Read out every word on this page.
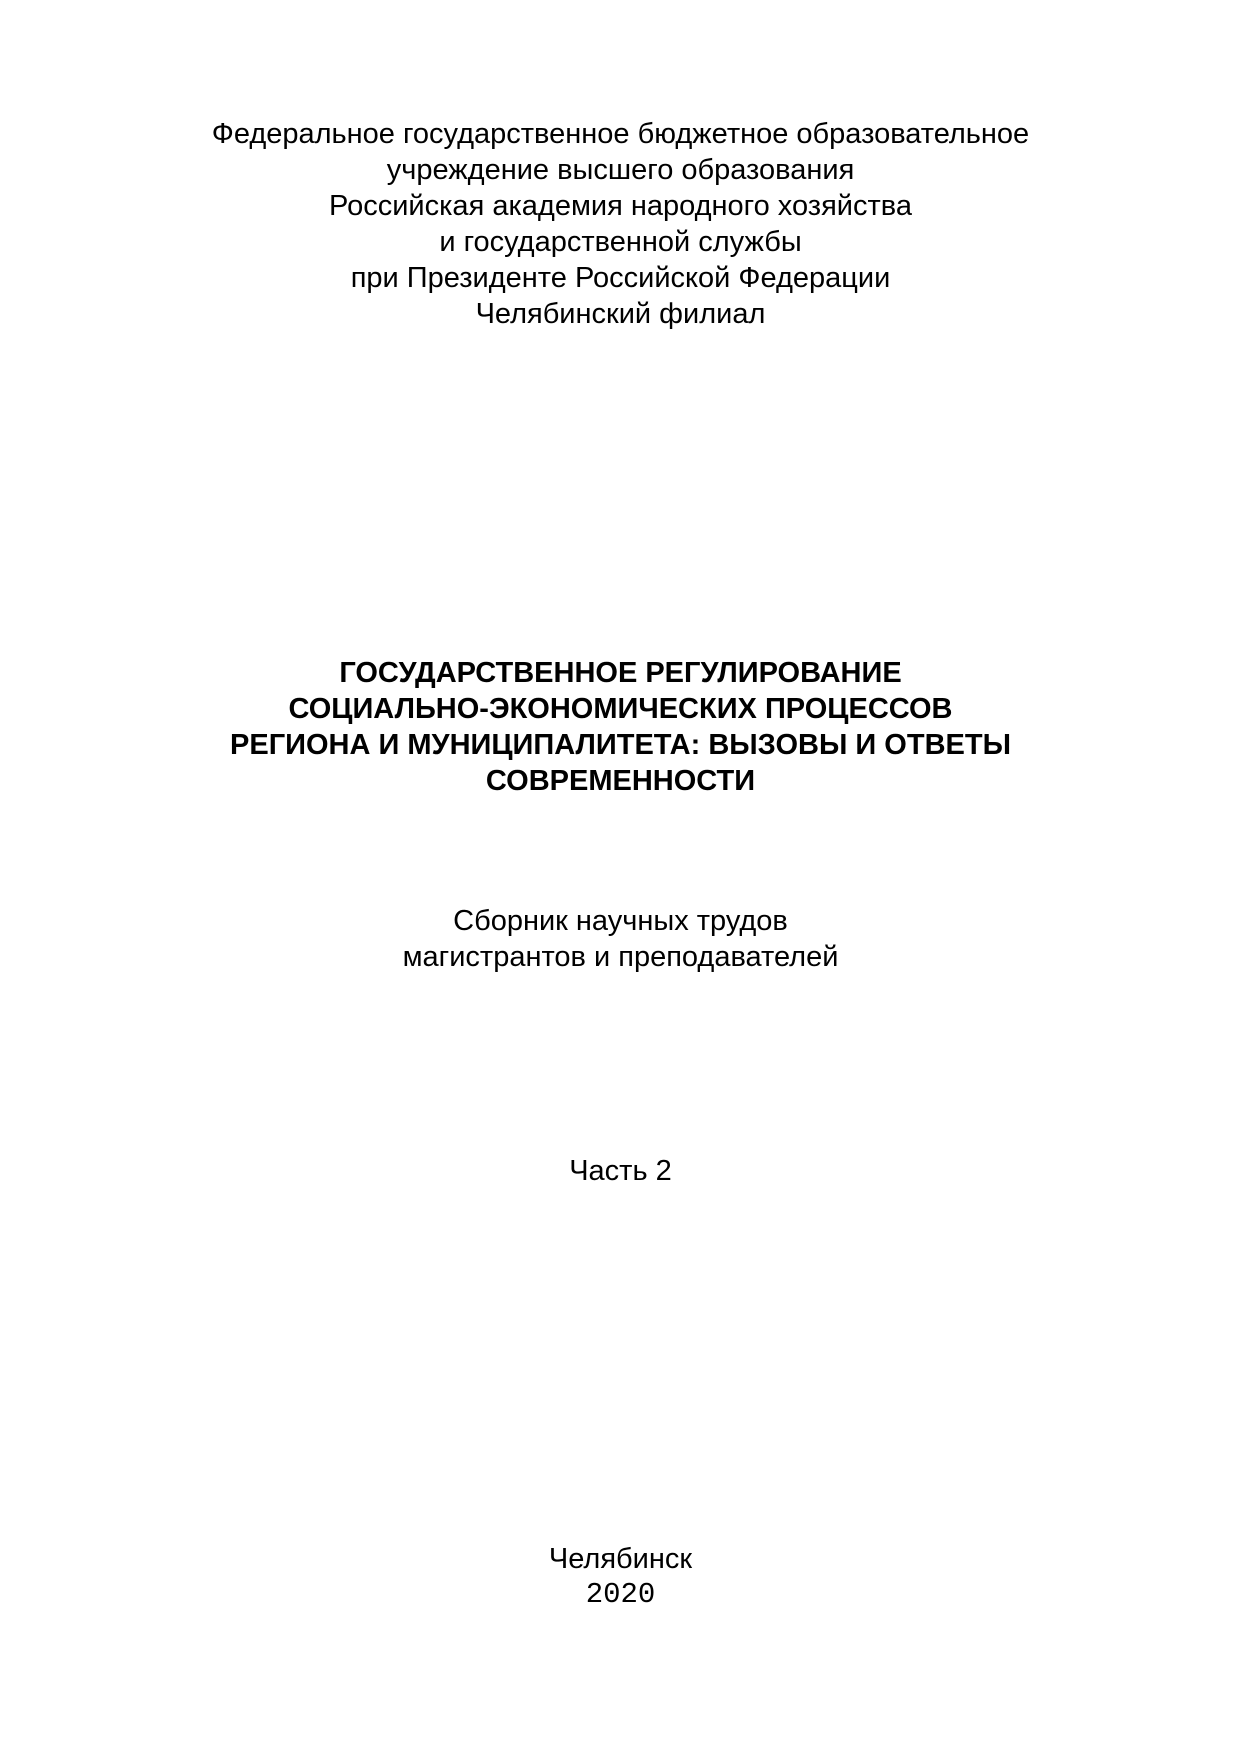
Федеральное государственное бюджетное образовательное
учреждение высшего образования
Российская академия народного хозяйства
и государственной службы
при Президенте Российской Федерации
Челябинский филиал
ГОСУДАРСТВЕННОЕ РЕГУЛИРОВАНИЕ
СОЦИАЛЬНО-ЭКОНОМИЧЕСКИХ ПРОЦЕССОВ
РЕГИОНА И МУНИЦИПАЛИТЕТА: ВЫЗОВЫ И ОТВЕТЫ
СОВРЕМЕННОСТИ
Сборник научных трудов
магистрантов и преподавателей
Часть 2
Челябинск
2020
